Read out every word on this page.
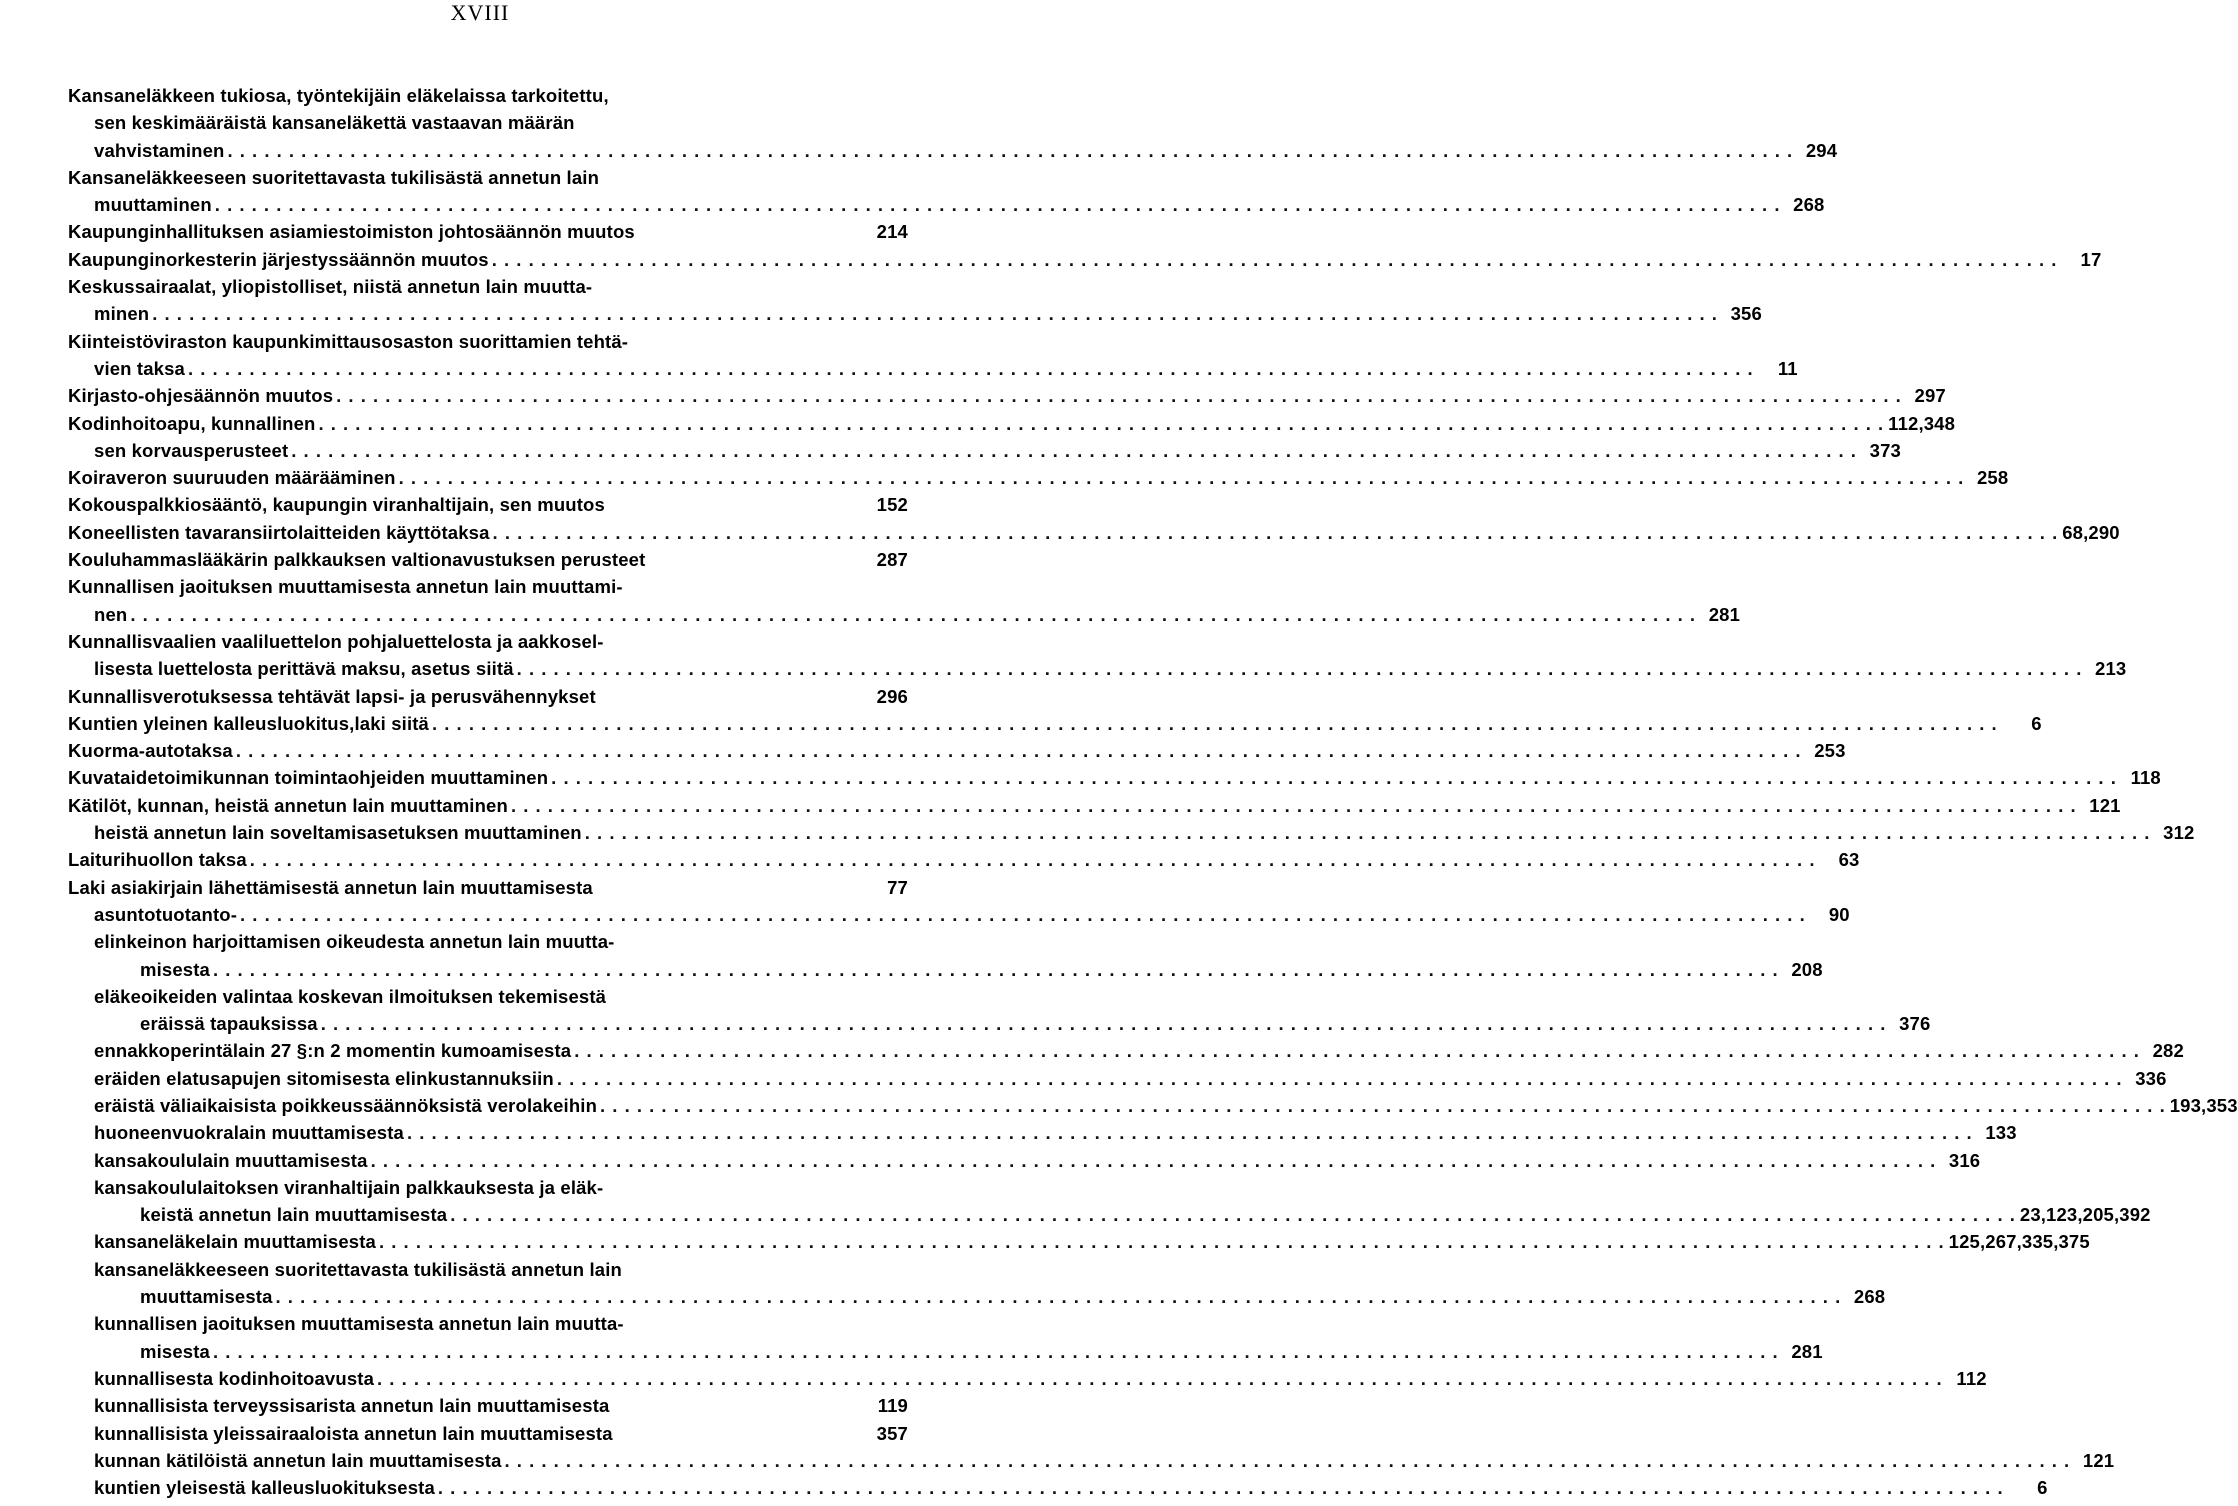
XVIII
Kansaneläkkeen tukiosa, työntekijäin eläkelaissa tarkoitettu,
sen keskimääräistä kansaneläkettä vastaavan määrän
vahvistaminen . . .	294
Kansaneläkkeeseen suoritettavasta tukilisästä annetun lain
muuttaminen . . .	268
Kaupunginhallituksen asiamiestoimiston johtosäännön muutos	214
Kaupunginorkesterin järjestyssäännön muutos . . .	17
Keskussairaalat, yliopistolliset, niistä annetun lain muutta-
minen . . .	356
Kiinteistöviraston kaupunkimittausosaston suorittamien tehtä-
vien taksa . . .	11
Kirjasto-ohjesäännön muutos . . .	297
Kodinhoitoapu, kunnallinen . . .	112,348
sen korvausperusteet . . .	373
Koiraveron suuruuden määrääminen . . .	258
Kokouspalkkiosääntö, kaupungin viranhaltijain, sen muutos	152
Koneellisten tavaransiirtolaitteiden käyttötaksa . . .	68,290
Kouluhammaslääkärin palkkauksen valtionavustuksen perusteet	287
Kunnallisen jaoituksen muuttamisesta annetun lain muuttami-
nen . . .	281
Kunnallisvaalien vaaliluettelon pohjaluettelosta ja aakkosel-
lisesta luettelosta perittävä maksu, asetus siitä . . .	213
Kunnallisverotuksessa tehtävät lapsi- ja perusvähennykset	296
Kuntien yleinen kalleusluokitus,laki siitä . . .	6
Kuorma-autotaksa . . .	253
Kuvataidetoimikunnan toimintaohjeiden muuttaminen . . .	118
Kätilöt, kunnan, heistä annetun lain muuttaminen . . .	121
heistä annetun lain soveltamisasetuksen muuttaminen . . .	312
Laiturihuollon taksa . . .	63
Laki asiakirjain lähettämisestä annetun lain muuttamisesta	77
asuntotuotanto- . . .	90
elinkeinon harjoittamisen oikeudesta annetun lain muutta-
misesta . . .	208
eläkeoikeiden valintaa koskevan ilmoituksen tekemisestä
eräissä tapauksissa . . .	376
ennakkoperintälain 27 §:n 2 momentin kumoamisesta . . .	282
eräiden elatusapujen sitomisesta elinkustannuksiin . . .	336
eräistä väliaikaisista poikkeussäännöksistä verolakeihin . . .	193,353
huoneenvuokralain muuttamisesta . . .	133
kansakoululain muuttamisesta . . .	316
kansakoululaitoksen viranhaltijain palkkauksesta ja eläk-
keistä annetun lain muuttamisesta . . .	23,123,205,392
kansaneläkelain muuttamisesta . . .	125,267,335,375
kansaneläkkeeseen suoritettavasta tukilisästä annetun lain
muuttamisesta . . .	268
kunnallisen jaoituksen muuttamisesta annetun lain muutta-
misesta . . .	281
kunnallisesta kodinhoitoavusta . . .	112
kunnallisista terveyssisarista annetun lain muuttamisesta	119
kunnallisista yleissairaaloista annetun lain muuttamisesta	357
kunnan kätilöistä annetun lain muuttamisesta . . .	121
kuntien yleisestä kalleusluokituksesta . . .	6
